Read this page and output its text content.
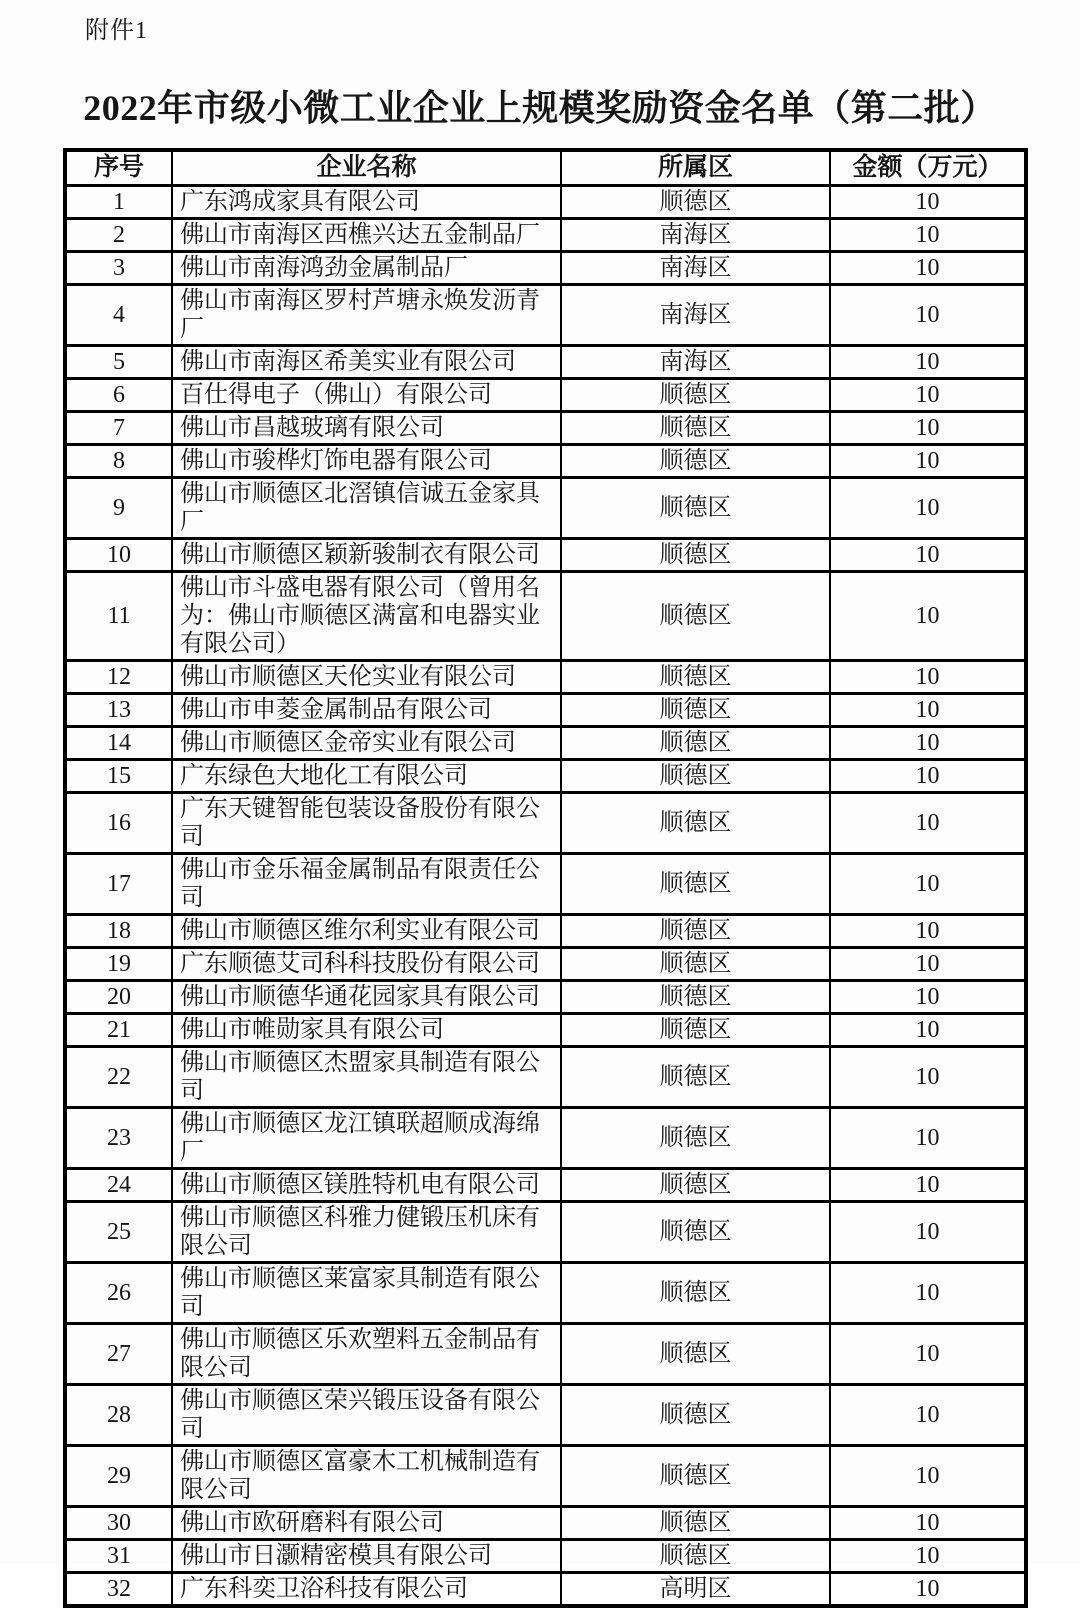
附件1
2022年市级小微工业企业上规模奖励资金名单（第二批）
序号	企业名称	所属区	金额（万元）
1	广东鸿成家具有限公司	顺德区	10
2	佛山市南海区西樵兴达五金制品厂	南海区	10
3	佛山市南海鸿劲金属制品厂	南海区	10
4	佛山市南海区罗村芦塘永焕发沥青厂	南海区	10
5	佛山市南海区希美实业有限公司	南海区	10
6	百仕得电子（佛山）有限公司	顺德区	10
7	佛山市昌越玻璃有限公司	顺德区	10
8	佛山市骏桦灯饰电器有限公司	顺德区	10
9	佛山市顺德区北滘镇信诚五金家具厂	顺德区	10
10	佛山市顺德区颖新骏制衣有限公司	顺德区	10
11	佛山市斗盛电器有限公司（曾用名为：佛山市顺德区满富和电器实业有限公司）	顺德区	10
12	佛山市顺德区天伦实业有限公司	顺德区	10
13	佛山市申菱金属制品有限公司	顺德区	10
14	佛山市顺德区金帝实业有限公司	顺德区	10
15	广东绿色大地化工有限公司	顺德区	10
16	广东天键智能包装设备股份有限公司	顺德区	10
17	佛山市金乐福金属制品有限责任公司	顺德区	10
18	佛山市顺德区维尔利实业有限公司	顺德区	10
19	广东顺德艾司科科技股份有限公司	顺德区	10
20	佛山市顺德华通花园家具有限公司	顺德区	10
21	佛山市帷勋家具有限公司	顺德区	10
22	佛山市顺德区杰盟家具制造有限公司	顺德区	10
23	佛山市顺德区龙江镇联超顺成海绵厂	顺德区	10
24	佛山市顺德区镁胜特机电有限公司	顺德区	10
25	佛山市顺德区科雅力健锻压机床有限公司	顺德区	10
26	佛山市顺德区莱富家具制造有限公司	顺德区	10
27	佛山市顺德区乐欢塑料五金制品有限公司	顺德区	10
28	佛山市顺德区荣兴锻压设备有限公司	顺德区	10
29	佛山市顺德区富豪木工机械制造有限公司	顺德区	10
30	佛山市欧研磨料有限公司	顺德区	10
31	佛山市日灏精密模具有限公司	顺德区	10
32	广东科奕卫浴科技有限公司	高明区	10
